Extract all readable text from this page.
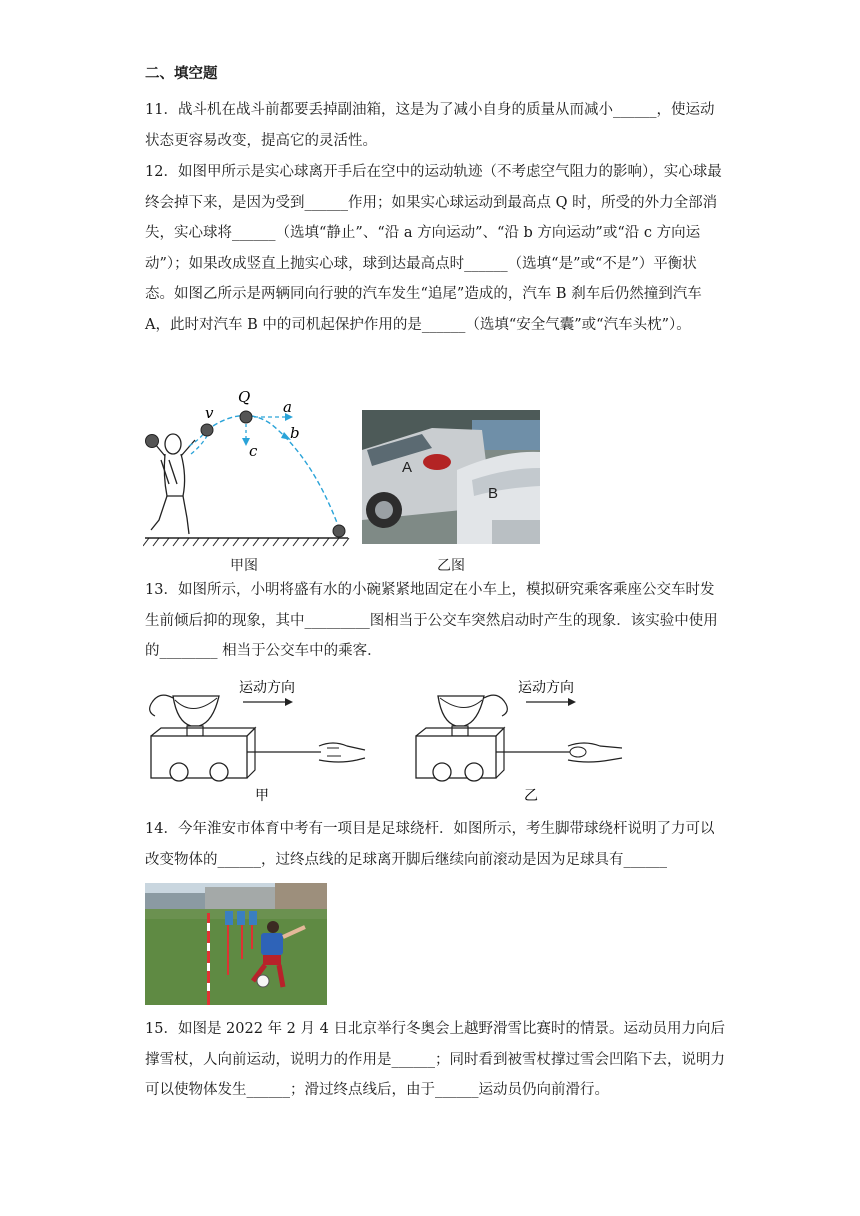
二、填空题

11．战斗机在战斗前都要丢掉副油箱，这是为了减小自身的质量从而减小______，使运动状态更容易改变，提高它的灵活性。

12．如图甲所示是实心球离开手后在空中的运动轨迹（不考虑空气阻力的影响），实心球最终会掉下来，是因为受到______作用；如果实心球运动到最高点 Q 时，所受的外力全部消失，实心球将______（选填“静止”、“沿 a 方向运动”、“沿 b 方向运动”或“沿 c 方向运动”）；如果改成竖直上抛实心球，球到达最高点时______（选填“是”或“不是”）平衡状态。如图乙所示是两辆同向行驶的汽车发生“追尾”造成的，汽车 B 刹车后仍然撞到汽车 A，此时对汽车 B 中的司机起保护作用的是______（选填“安全气囊”或“汽车头枕”）。

v
Q
a
b
c
甲图
A
B
乙图

13．如图所示，小明将盛有水的小碗紧紧地固定在小车上，模拟研究乘客乘座公交车时发生前倾后抑的现象，其中_________图相当于公交车突然启动时产生的现象．该实验中使用的________ 相当于公交车中的乘客．

运动方向
甲
运动方向
乙

14．今年淮安市体育中考有一项目是足球绕杆．如图所示，考生脚带球绕杆说明了力可以改变物体的______，过终点线的足球离开脚后继续向前滚动是因为足球具有______

15．如图是 2022 年 2 月 4 日北京举行冬奥会上越野滑雪比赛时的情景。运动员用力向后撑雪杖，人向前运动，说明力的作用是______；同时看到被雪杖撑过雪会凹陷下去，说明力可以使物体发生______；滑过终点线后，由于______运动员仍向前滑行。
